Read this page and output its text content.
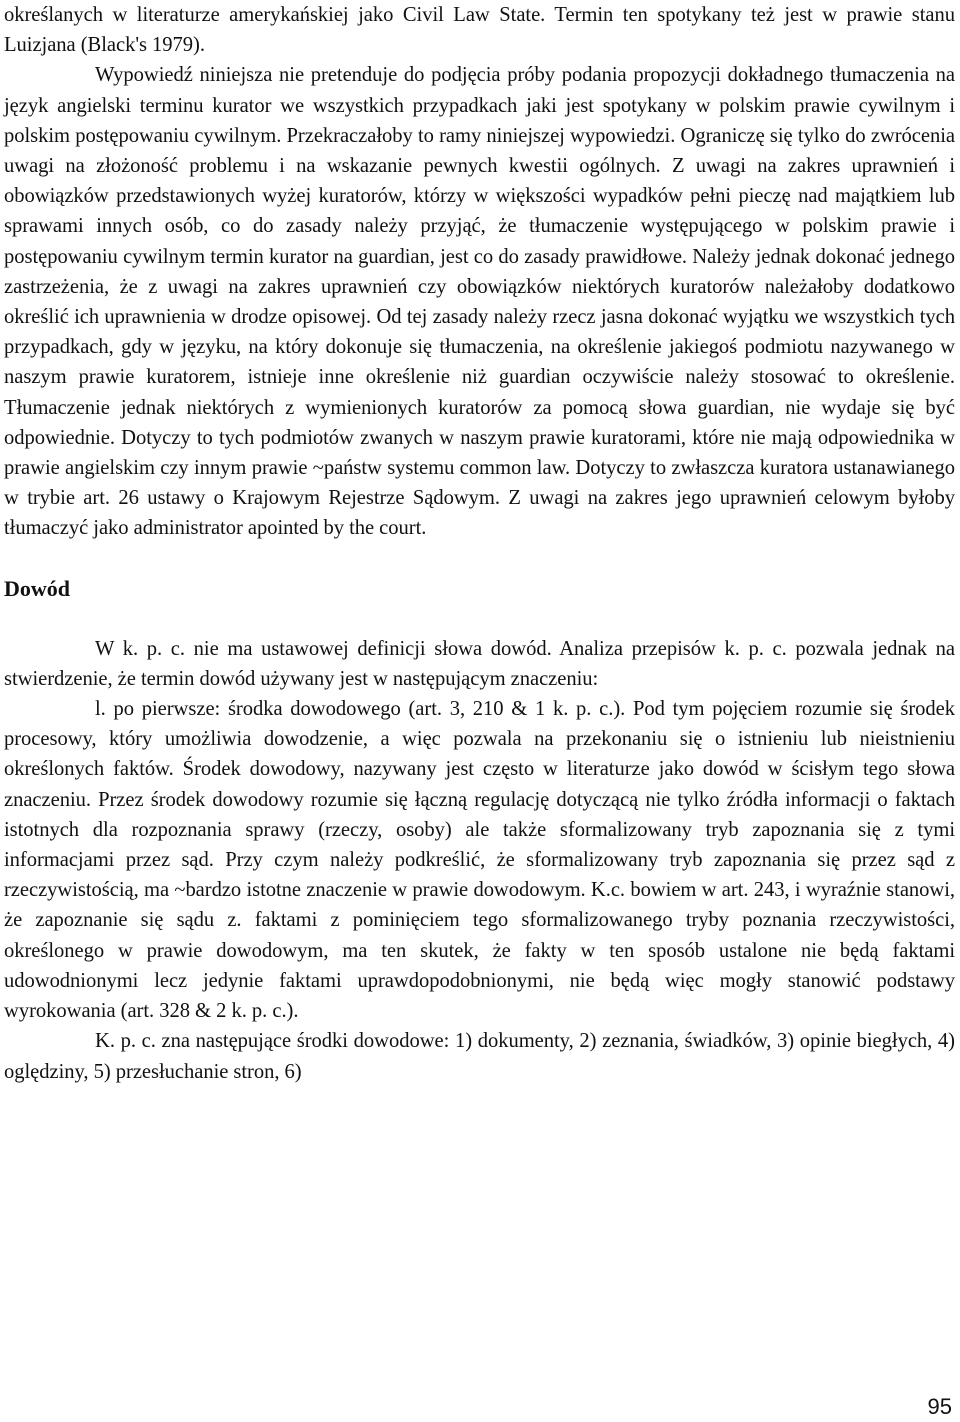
określanych w literaturze amerykańskiej jako Civil Law State. Termin ten spotykany też jest w prawie stanu Luizjana (Black's 1979).

Wypowiedź niniejsza nie pretenduje do podjęcia próby podania propozycji dokładnego tłumaczenia na język angielski terminu kurator we wszystkich przypadkach jaki jest spotykany w polskim prawie cywilnym i polskim postępowaniu cywilnym. Przekraczałoby to ramy niniejszej wypowiedzi. Ograniczę się tylko do zwrócenia uwagi na złożoność problemu i na wskazanie pewnych kwestii ogólnych. Z uwagi na zakres uprawnień i obowiązków przedstawionych wyżej kuratorów, którzy w większości wypadków pełni pieczę nad majątkiem lub sprawami innych osób, co do zasady należy przyjąć, że tłumaczenie występującego w polskim prawie i postępowaniu cywilnym termin kurator na guardian, jest co do zasady prawidłowe. Należy jednak dokonać jednego zastrzeżenia, że z uwagi na zakres uprawnień czy obowiązków niektórych kuratorów należałoby dodatkowo określić ich uprawnienia w drodze opisowej. Od tej zasady należy rzecz jasna dokonać wyjątku we wszystkich tych przypadkach, gdy w języku, na który dokonuje się tłumaczenia, na określenie jakiegoś podmiotu nazywanego w naszym prawie kuratorem, istnieje inne określenie niż guardian oczywiście należy stosować to określenie. Tłumaczenie jednak niektórych z wymienionych kuratorów za pomocą słowa guardian, nie wydaje się być odpowiednie. Dotyczy to tych podmiotów zwanych w naszym prawie kuratorami, które nie mają odpowiednika w prawie angielskim czy innym prawie ~państw systemu common law. Dotyczy to zwłaszcza kuratora ustanawianego w trybie art. 26 ustawy o Krajowym Rejestrze Sądowym. Z uwagi na zakres jego uprawnień celowym byłoby tłumaczyć jako administrator apointed by the court.

Dowód

W k. p. c. nie ma ustawowej definicji słowa dowód. Analiza przepisów k. p. c. pozwala jednak na stwierdzenie, że termin dowód używany jest w następującym znaczeniu:

l. po pierwsze: środka dowodowego (art. 3, 210 & 1 k. p. c.). Pod tym pojęciem rozumie się środek procesowy, który umożliwia dowodzenie, a więc pozwala na przekonaniu się o istnieniu lub nieistnieniu określonych faktów. Środek dowodowy, nazywany jest często w literaturze jako dowód w ścisłym tego słowa znaczeniu. Przez środek dowodowy rozumie się łączną regulację dotyczącą nie tylko źródła informacji o faktach istotnych dla rozpoznania sprawy (rzeczy, osoby) ale także sformalizowany tryb zapoznania się z tymi informacjami przez sąd. Przy czym należy podkreślić, że sformalizowany tryb zapoznania się przez sąd z rzeczywistością, ma ~bardzo istotne znaczenie w prawie dowodowym. K.c. bowiem w art. 243, i wyraźnie stanowi, że zapoznanie się sądu z. faktami z pominięciem tego sformalizowanego tryby poznania rzeczywistości, określonego w prawie dowodowym, ma ten skutek, że fakty w ten sposób ustalone nie będą faktami udowodnionymi lecz jedynie faktami uprawdopodobnionymi, nie będą więc mogły stanowić podstawy wyrokowania (art. 328 & 2 k. p. c.).

K. p. c. zna następujące środki dowodowe: 1) dokumenty, 2) zeznania, świadków, 3) opinie biegłych, 4) oględziny, 5) przesłuchanie stron, 6)

95
